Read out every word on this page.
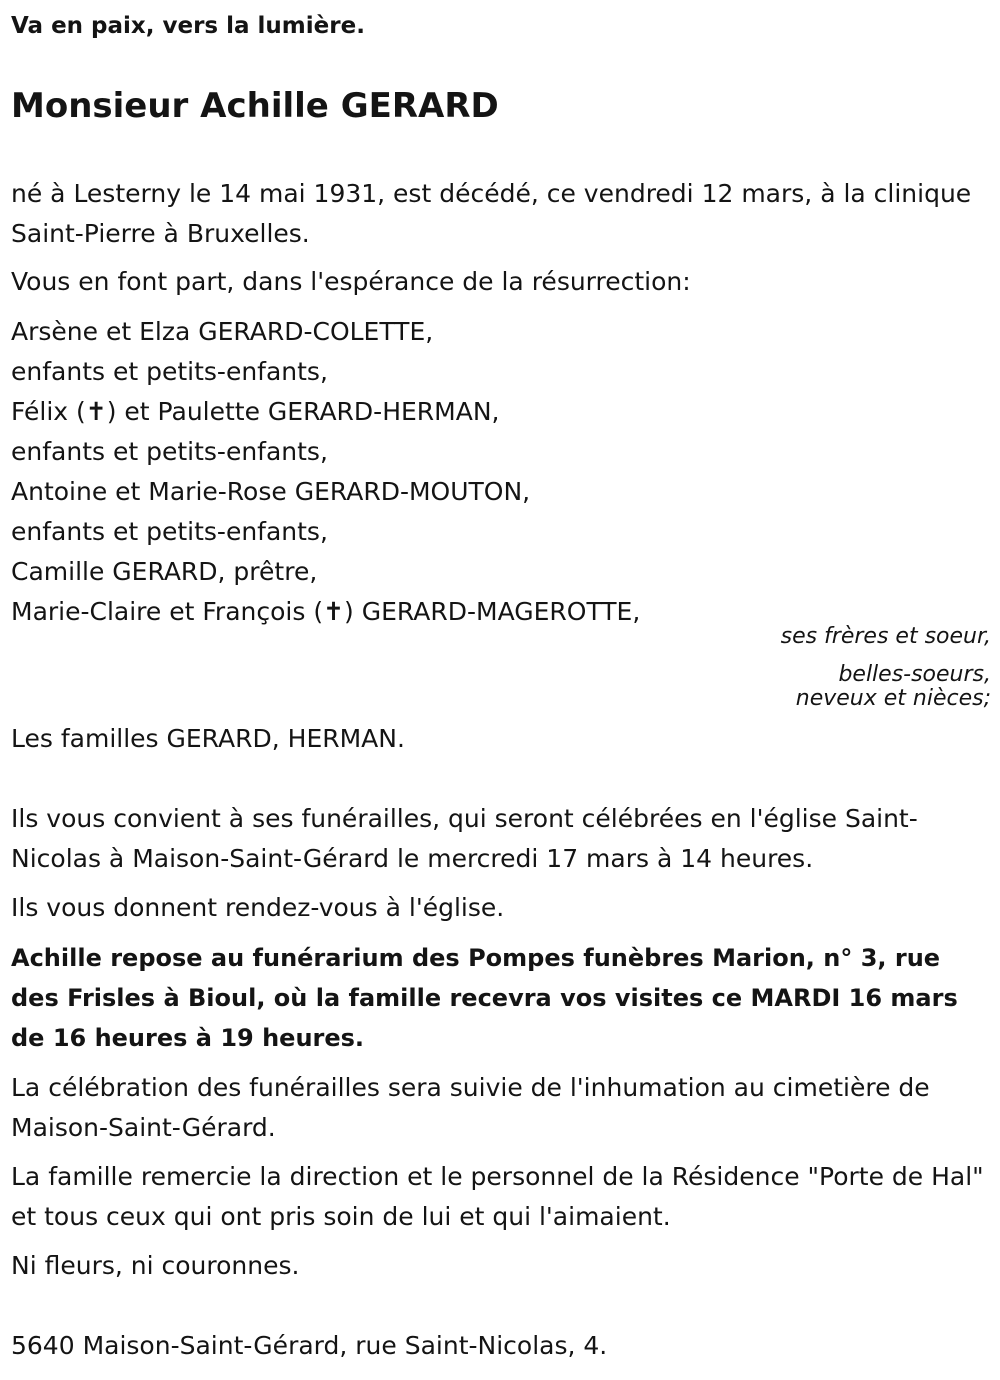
Va en paix, vers la lumière.

Monsieur Achille GERARD

né à Lesterny le 14 mai 1931, est décédé, ce vendredi 12 mars, à la clinique Saint-Pierre à Bruxelles.

Vous en font part, dans l'espérance de la résurrection:

Arsène et Elza GERARD-COLETTE,
enfants et petits-enfants,
Félix (✝) et Paulette GERARD-HERMAN,
enfants et petits-enfants,
Antoine et Marie-Rose GERARD-MOUTON,
enfants et petits-enfants,
Camille GERARD, prêtre,
Marie-Claire et François (✝) GERARD-MAGEROTTE,

ses frères et soeur,

belles-soeurs,

neveux et nièces;

Les familles GERARD, HERMAN.

Ils vous convient à ses funérailles, qui seront célébrées en l'église Saint-Nicolas à Maison-Saint-Gérard le mercredi 17 mars à 14 heures.

Ils vous donnent rendez-vous à l'église.

Achille repose au funérarium des Pompes funèbres Marion, n° 3, rue des Frisles à Bioul, où la famille recevra vos visites ce MARDI 16 mars de 16 heures à 19 heures.

La célébration des funérailles sera suivie de l'inhumation au cimetière de Maison-Saint-Gérard.

La famille remercie la direction et le personnel de la Résidence "Porte de Hal" et tous ceux qui ont pris soin de lui et qui l'aimaient.

Ni fleurs, ni couronnes.

5640 Maison-Saint-Gérard, rue Saint-Nicolas, 4.
